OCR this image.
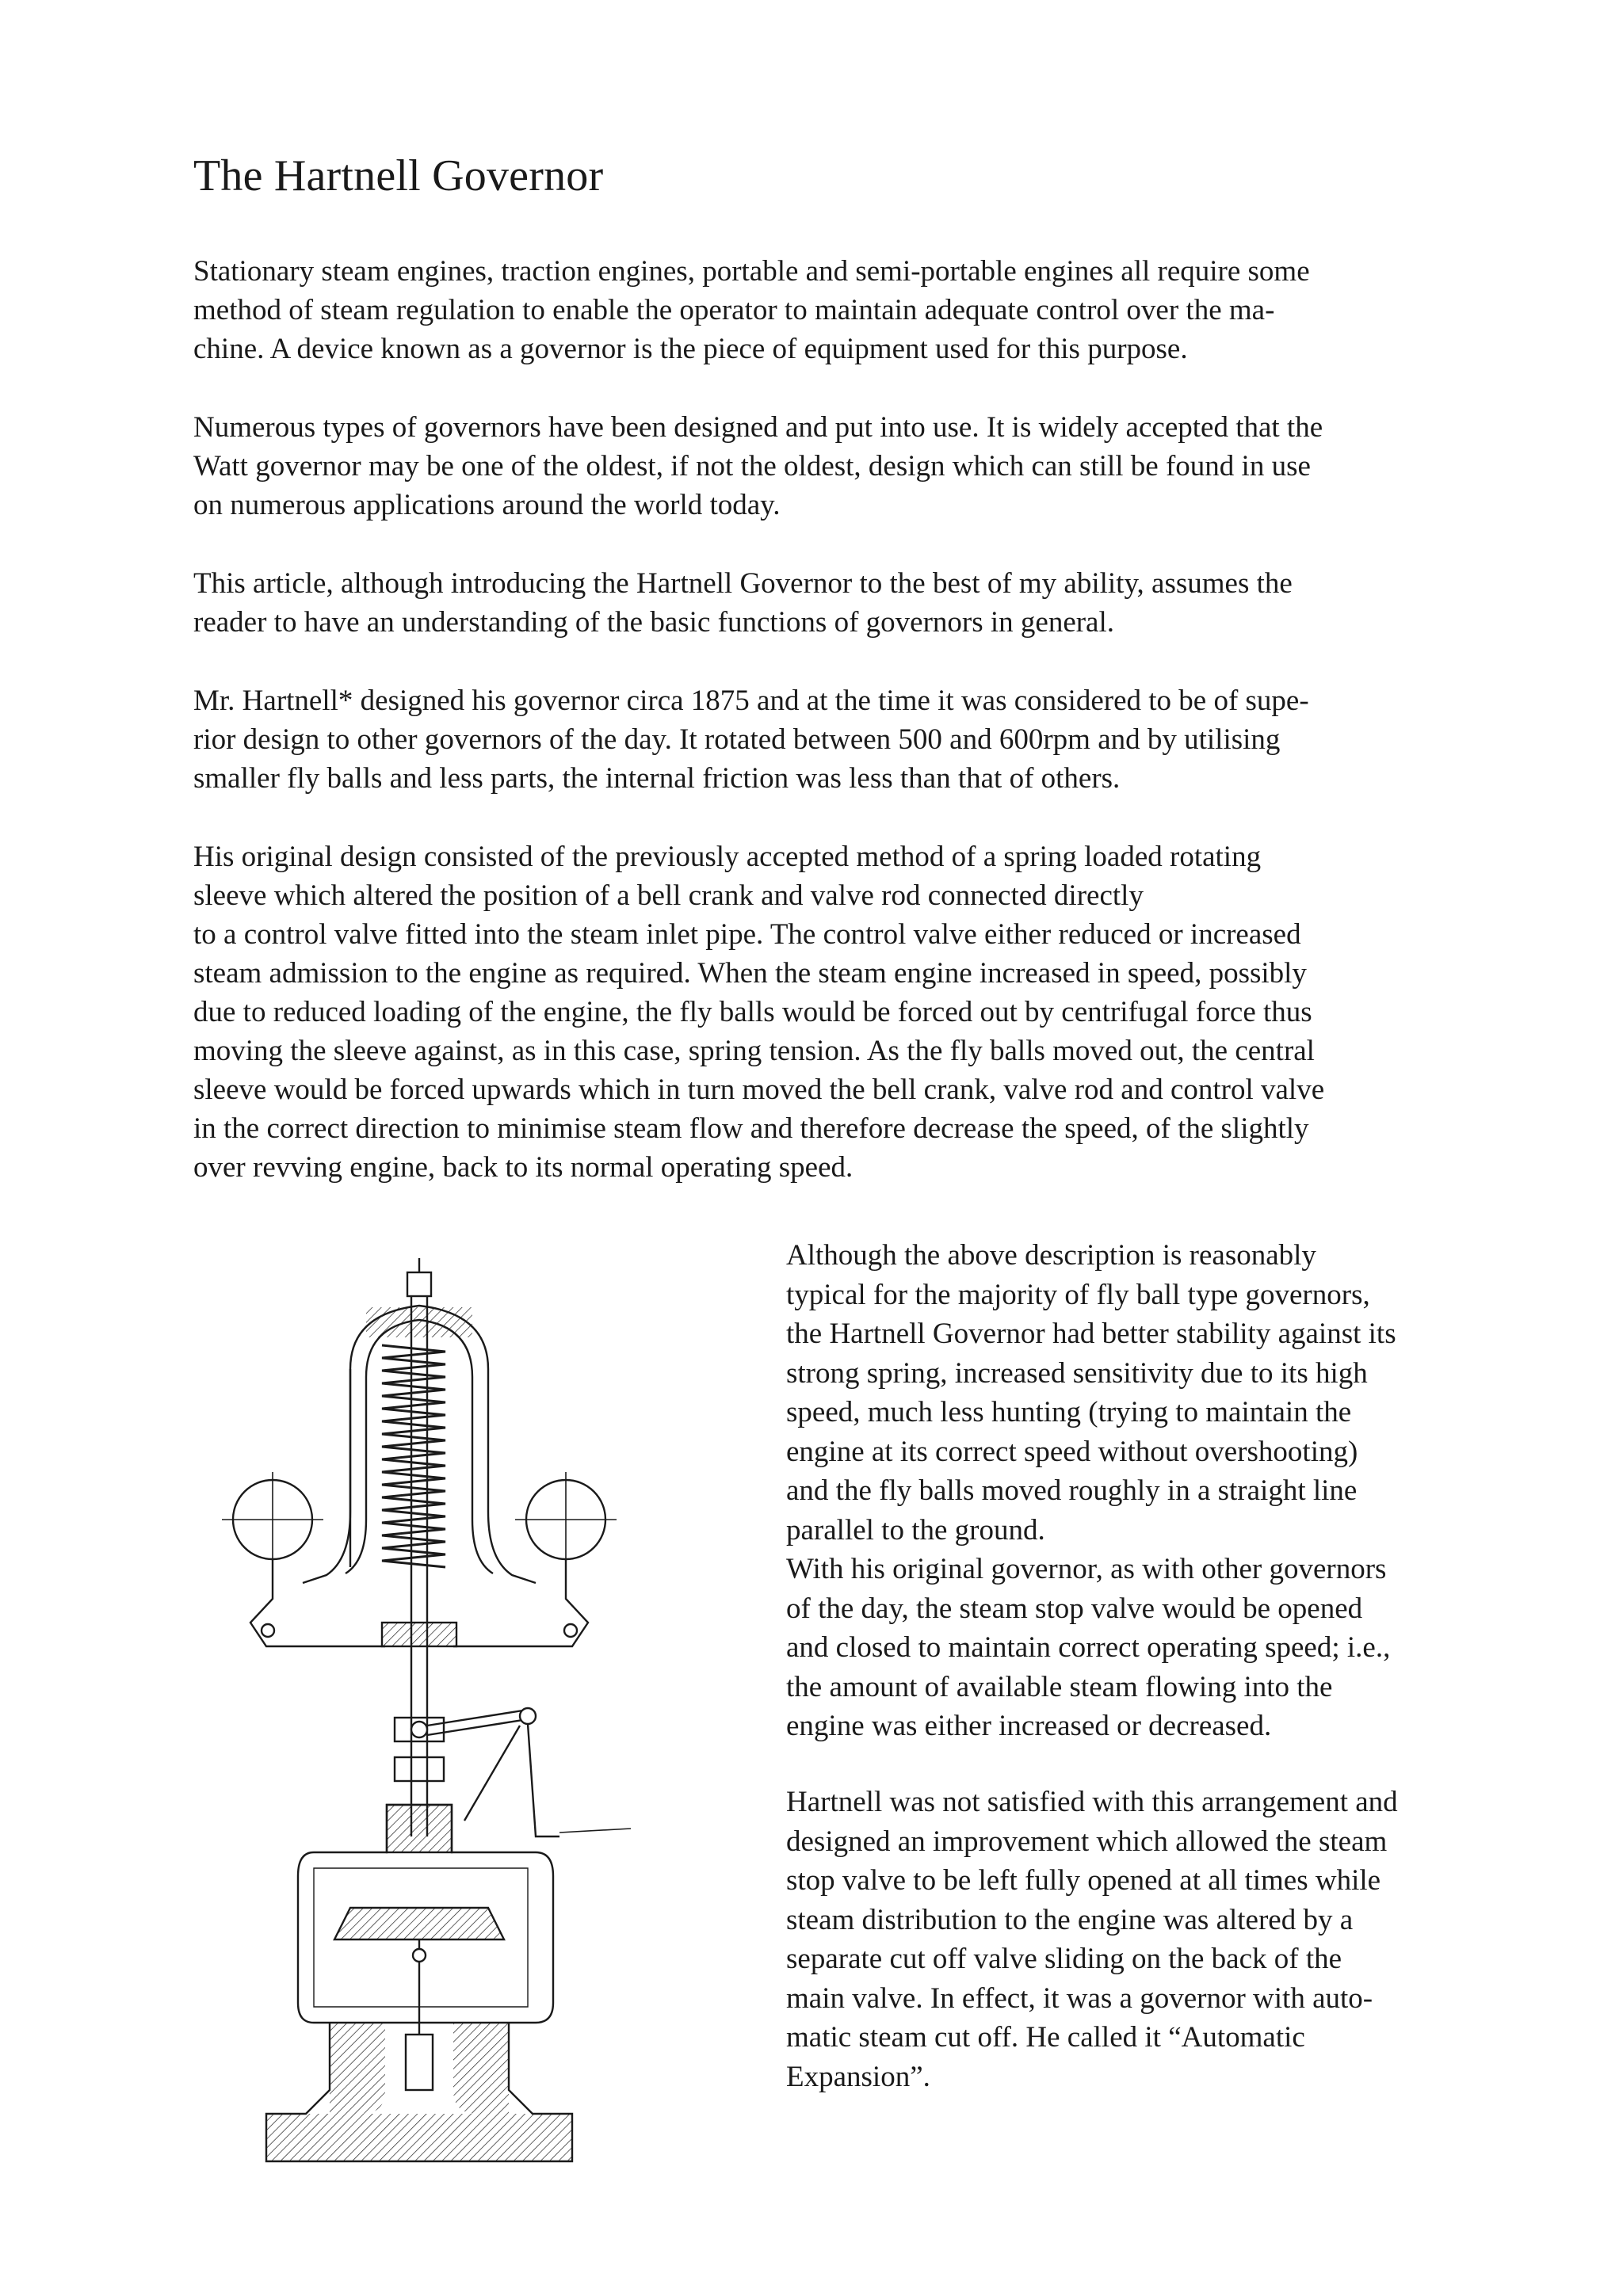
The Hartnell Governor
Stationary steam engines, traction engines, portable and semi-portable engines all require some
method of steam regulation to enable the operator to maintain adequate control over the ma-
chine. A device known as a governor is the piece of equipment used for this purpose.
Numerous types of governors have been designed and put into use. It is widely accepted that the
Watt governor may be one of the oldest, if not the oldest, design which can still be found in use
on numerous applications around the world today.
This article, although introducing the Hartnell Governor to the best of my ability, assumes the
reader to have an understanding of the basic functions of governors in general.
Mr. Hartnell* designed his governor circa 1875 and at the time it was considered to be of supe-
rior design to other governors of the day. It rotated between 500 and 600rpm and by utilising
smaller fly balls and less parts, the internal friction was less than that of others.
His original design consisted of the previously accepted method of a spring loaded rotating
sleeve which altered the position of a bell crank and valve rod connected directly
to a control valve fitted into the steam inlet pipe. The control valve either reduced or increased
steam admission to the engine as required. When the steam engine increased in speed, possibly
due to reduced loading of the engine, the fly balls would be forced out by centrifugal force thus
moving the sleeve against, as in this case, spring tension. As the fly balls moved out, the central
sleeve would be forced upwards which in turn moved the bell crank, valve rod and control valve
in the correct direction to minimise steam flow and therefore decrease the speed, of the slightly
over revving engine, back to its normal operating speed.
Although the above description is reasonably
typical for the majority of fly ball type governors,
the Hartnell Governor had better stability against its
strong spring, increased sensitivity due to its high
speed, much less hunting (trying to maintain the
engine at its correct speed without overshooting)
and the fly balls moved roughly in a straight line
parallel to the ground.
With his original governor, as with other governors
of the day, the steam stop valve would be opened
and closed to maintain correct operating speed; i.e.,
the amount of available steam flowing into the
engine was either increased or decreased.
Hartnell was not satisfied with this arrangement and
designed an improvement which allowed the steam
stop valve to be left fully opened at all times while
steam distribution to the engine was altered by a
separate cut off valve sliding on the back of the
main valve. In effect, it was a governor with auto-
matic steam cut off. He called it “Automatic
Expansion”.
